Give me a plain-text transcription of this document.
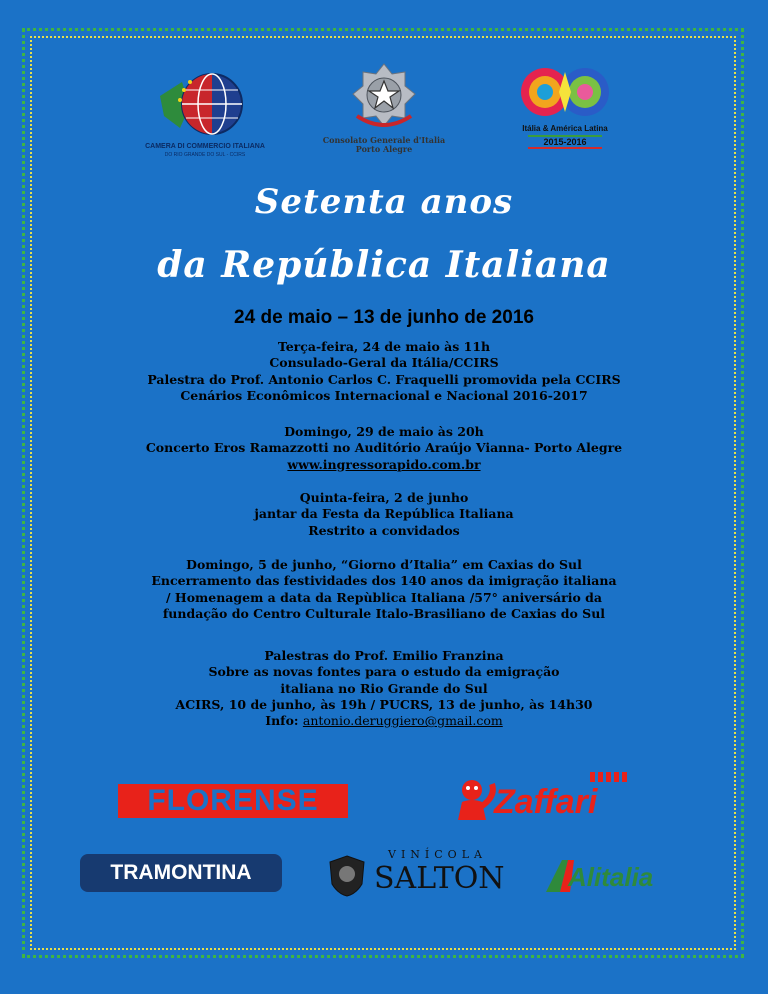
CAMERA DI COMMERCIO ITALIANA
DO RIO GRANDE DO SUL - CCIRS
Consolato Generale d'Italia
Porto Alegre
Itália & América Latina
2015-2016
Setenta anos
da República Italiana
24 de maio – 13 de junho de 2016
Terça-feira, 24 de maio às 11h
Consulado-Geral da Itália/CCIRS
Palestra do Prof. Antonio Carlos C. Fraquelli promovida pela CCIRS
Cenários Econômicos Internacional e Nacional 2016-2017
Domingo, 29 de maio às 20h
Concerto Eros Ramazzotti no Auditório Araújo Vianna- Porto Alegre
www.ingressorapido.com.br
Quinta-feira, 2 de junho
jantar da Festa da República Italiana
Restrito a convidados
Domingo, 5 de junho, “Giorno d’Italia” em Caxias do Sul
Encerramento das festividades dos 140 anos da imigração italiana
/ Homenagem a data da Repùblica Italiana /57° aniversário da
fundação do Centro Culturale Italo-Brasiliano de Caxias do Sul
Palestras do Prof. Emilio Franzina
Sobre as novas fontes para o estudo da emigração
italiana no Rio Grande do Sul
ACIRS, 10 de junho, às 19h / PUCRS, 13 de junho, às 14h30
Info: antonio.deruggiero@gmail.com
FLORENSE	Zaffari
TRAMONTINA
VINÍCOLA
SALTON Alitalia
